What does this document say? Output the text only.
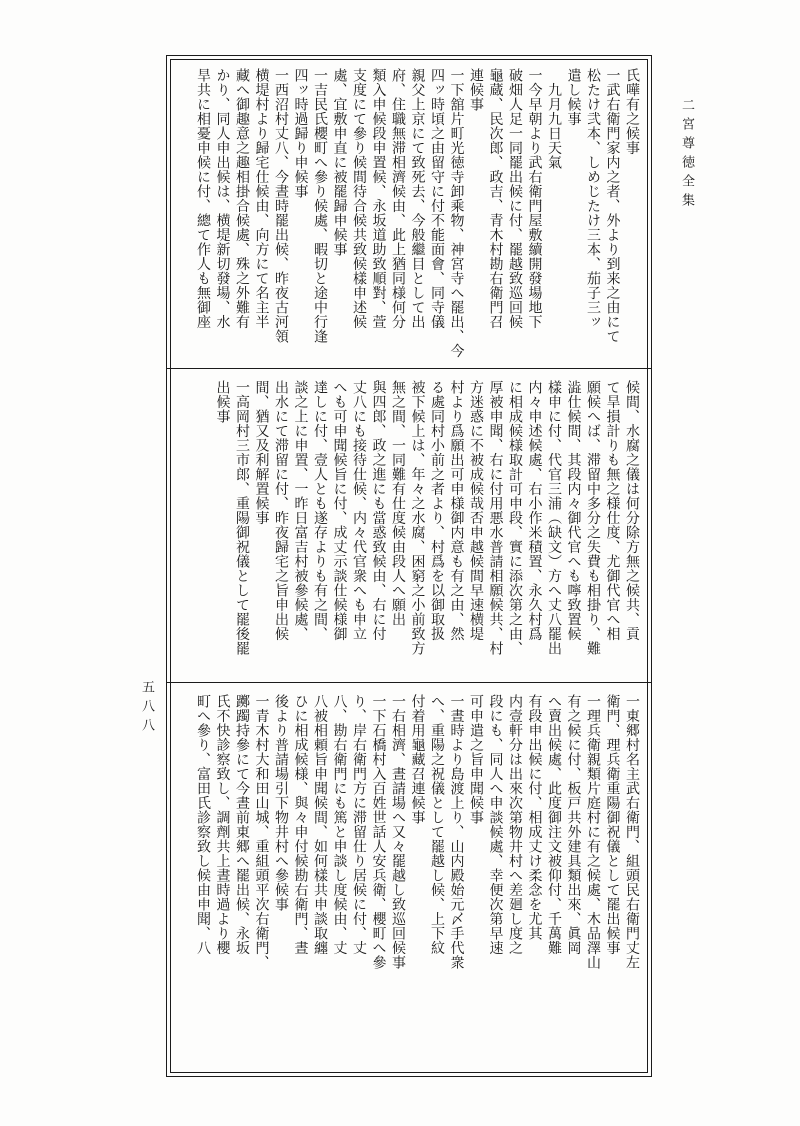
二宮尊徳全集
五八八
氏嘩有之候事
一武右衛門家内之者、外より到来之由にて
松たけ弐本、しめじたけ三本、茄子三ッ
遣し候事
　九月九日天氣
一今早朝より武右衛門屋敷續開發場地下
破畑人足一同罷出候に付、罷越致巡回候
龜蔵、民次郎、政吉、青木村勘右衛門召
連候事
一下舘片町光徳寺卸乘物、神宮寺へ罷出、今
四ッ時頃之由留守に付不能面會、同寺儀
親父上京にて致死去、今般繼目として出
府、住職無滞相濟候由、此上猶同様何分
類入申候段申置候、永坂道助致順對、萱
支度にて參り候間待合候共致候樣申述候
處、宜敷申直に被罷歸申候事
一吉民氏櫻町へ參り候處、暇切と途中行逢
四ッ時過歸り申候事
一西沼村丈八、今晝時罷出候、昨夜古河領
横堤村より歸宅仕候由、向方にて名主半
藏へ御趣意之趣相掛合候處、殊之外難有
かり、同人申出候は、横堤新切發場、水
旱共に相憂申候に付、總て作人も無御座
候間、水腐之儀は何分除方無之候共、貢
て旱損計りも無之様仕度、尤御代官へ相
願候へば、滞留中多分之失費も相掛り、難
澁仕候間、其段内々御代官へも嚀致置候
樣申に付、代官三浦（缺文）方へ丈八罷出
内々申述候處、右小作米積置、永久村爲
に相成候様取計可申段、實に添次第之由、
厚被申聞、右に付用悪水普請相願候共、村
方迷惑に不被成候哉否申越候間早速横堤
村より爲願出可申様御内意も有之由、然
る處同村小前之者より、村爲を以御取扱
被下候上は、年々之水腐、困窮之小前致方
無之間、一同難有仕度候由段人へ願出
與四郎、政之進にも當惑致候由、右に付
丈八にも接待仕候、内々代官衆へも申立
へも可申聞候旨に付、成丈示談仕候様御
達しに付、壹人とも遂存よりも有之間、
談之上に申置、一昨日富吉村被參候處、
出水にて滞留に付、昨夜歸宅之旨申出候
間、猶又及利解置候事
一高岡村三市郎、重陽御祝儀として罷後罷
出候事
一東郷村名主武右衛門、組頭民右衛門丈左
衛門、理兵衛重陽御祝儀として罷出候事
一理兵衛親類片庭村に有之候處、木品澤山
有之候に付、板戸共外建具類出來、眞岡
へ賣出候處、此度御注文被仰付、千萬難
有段申出候に付、相成丈け柔念を尤其
内壹軒分は出來次第物井村へ差廻し度之
段にも、同人へ申談候處、幸便次第早速
可申遣之旨申聞候事
一晝時より島渡上り、山内殿始元〆手代衆
へ、重陽之祝儀として罷越し候、上下紋
付着用龜藏召連候事
一右相濟、晝請場へ又々罷越し致巡回候事
一下石橋村入百姓世話人安兵衛、櫻町へ參
り、岸右衛門方に滞留仕り居候に付、丈
八、勘右衛門にも篤と申談し度候由、丈
八被相頼旨申聞候間、如何樣共申談取纏
ひに相成候様、與々申付候勘右衛門、晝
後より普請場引下物井村へ參候事
一青木村大和田山城、重組頭平次右衛門、
躑躅持參にて今晝前東郷へ罷出候、永坂
氏不快診察致し、調劑共上晝時過より櫻
町へ參り、富田氏診察致し候由申聞、八
